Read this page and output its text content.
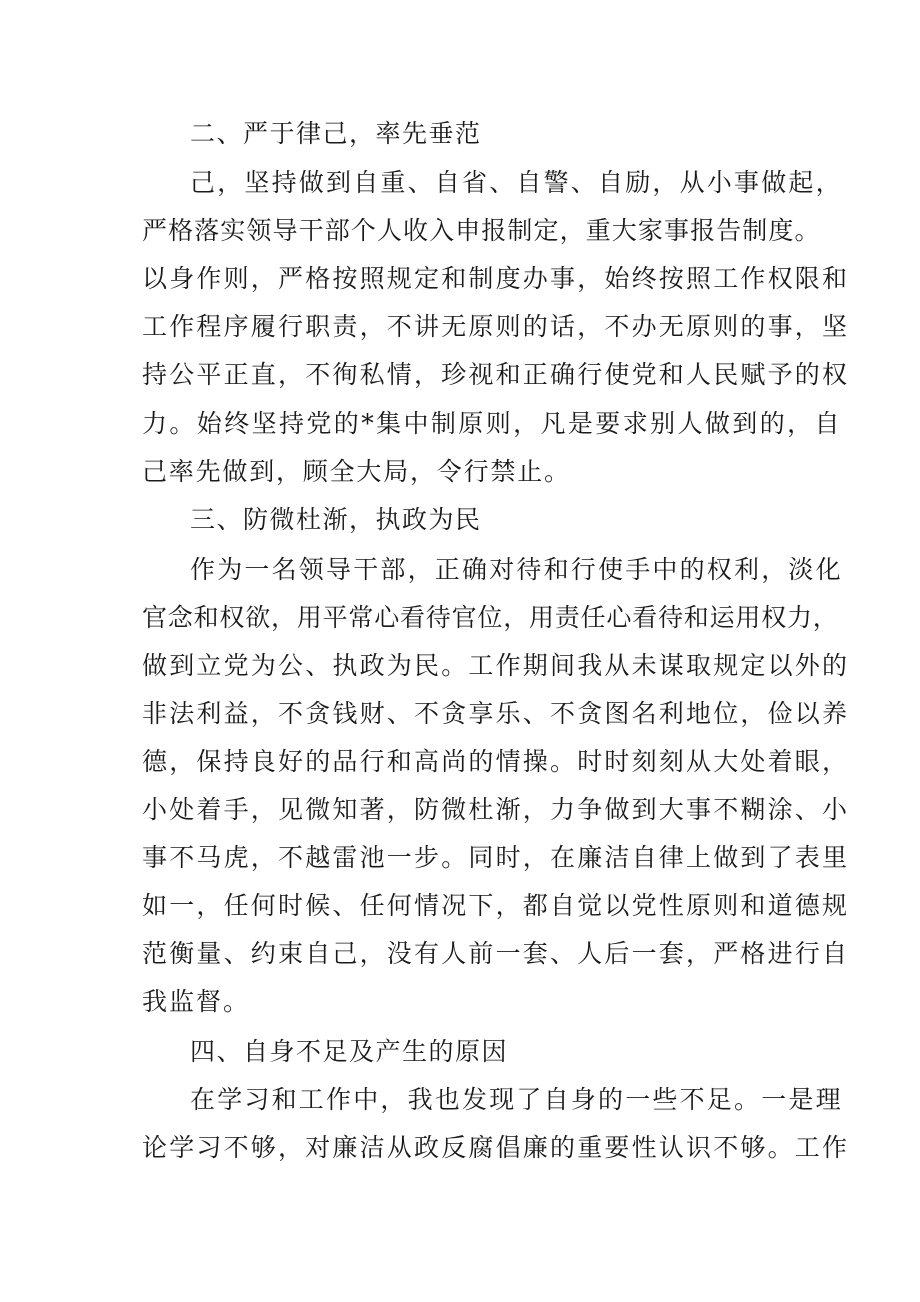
二、严于律己，率先垂范
己，坚持做到自重、自省、自警、自励，从小事做起，
严格落实领导干部个人收入申报制定，重大家事报告制度。
以身作则，严格按照规定和制度办事，始终按照工作权限和
工作程序履行职责，不讲无原则的话，不办无原则的事，坚
持公平正直，不徇私情，珍视和正确行使党和人民赋予的权
力。始终坚持党的*集中制原则，凡是要求别人做到的，自
己率先做到，顾全大局，令行禁止。
三、防微杜渐，执政为民
作为一名领导干部，正确对待和行使手中的权利，淡化
官念和权欲，用平常心看待官位，用责任心看待和运用权力，
做到立党为公、执政为民。工作期间我从未谋取规定以外的
非法利益，不贪钱财、不贪享乐、不贪图名利地位，俭以养
德，保持良好的品行和高尚的情操。时时刻刻从大处着眼，
小处着手，见微知著，防微杜渐，力争做到大事不糊涂、小
事不马虎，不越雷池一步。同时，在廉洁自律上做到了表里
如一，任何时候、任何情况下，都自觉以党性原则和道德规
范衡量、约束自己，没有人前一套、人后一套，严格进行自
我监督。
四、自身不足及产生的原因
在学习和工作中，我也发现了自身的一些不足。一是理
论学习不够，对廉洁从政反腐倡廉的重要性认识不够。工作
